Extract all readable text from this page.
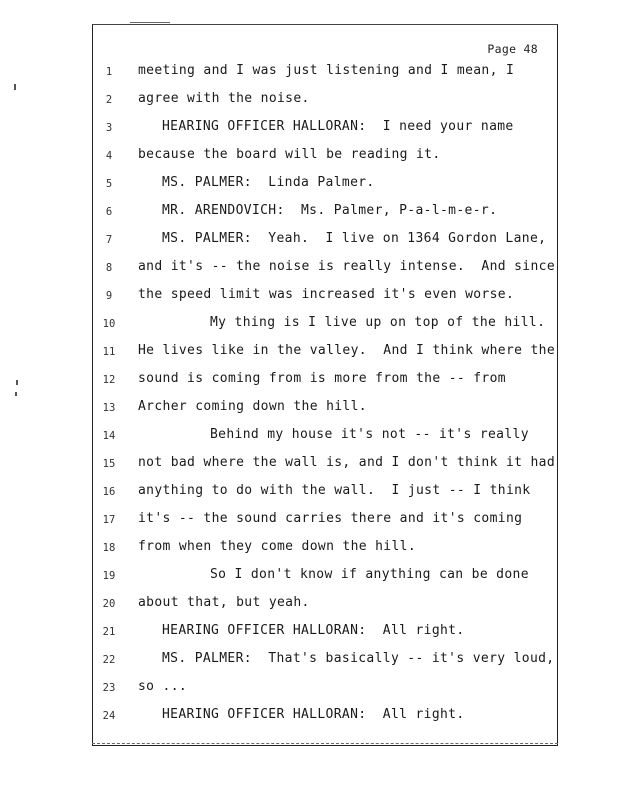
Page 48
1	meeting and I was just listening and I mean, I
2	agree with the noise.
3	HEARING OFFICER HALLORAN:  I need your name
4	because the board will be reading it.
5	MS. PALMER:  Linda Palmer.
6	MR. ARENDOVICH:  Ms. Palmer, P-a-l-m-e-r.
7	MS. PALMER:  Yeah.  I live on 1364 Gordon Lane,
8	and it's -- the noise is really intense.  And since
9	the speed limit was increased it's even worse.
10	My thing is I live up on top of the hill.
11	He lives like in the valley.  And I think where the
12	sound is coming from is more from the -- from
13	Archer coming down the hill.
14	Behind my house it's not -- it's really
15	not bad where the wall is, and I don't think it had
16	anything to do with the wall.  I just -- I think
17	it's -- the sound carries there and it's coming
18	from when they come down the hill.
19	So I don't know if anything can be done
20	about that, but yeah.
21	HEARING OFFICER HALLORAN:  All right.
22	MS. PALMER:  That's basically -- it's very loud,
23	so ...
24	HEARING OFFICER HALLORAN:  All right.
